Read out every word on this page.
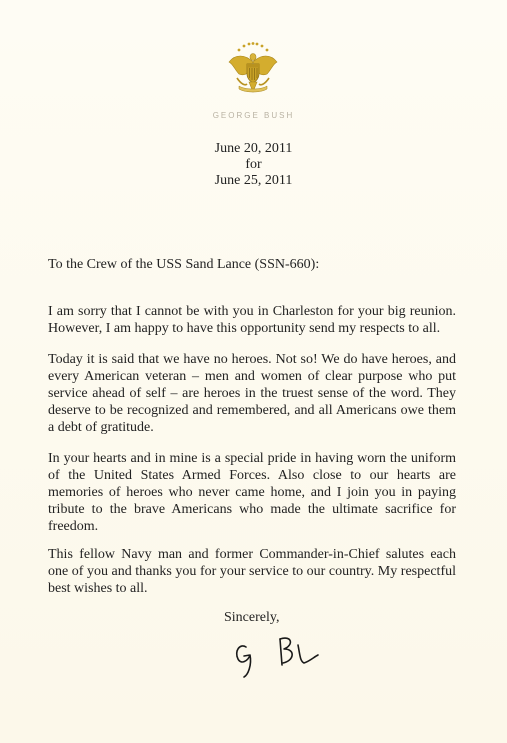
GEORGE BUSH
June 20, 2011
for
June 25, 2011
To the Crew of the USS Sand Lance (SSN-660):

I am sorry that I cannot be with you in Charleston for your big reunion. However, I am happy to have this opportunity send my respects to all.

Today it is said that we have no heroes. Not so! We do have heroes, and every American veteran – men and women of clear purpose who put service ahead of self – are heroes in the truest sense of the word. They deserve to be recognized and remembered, and all Americans owe them a debt of gratitude.

In your hearts and in mine is a special pride in having worn the uniform of the United States Armed Forces. Also close to our hearts are memories of heroes who never came home, and I join you in paying tribute to the brave Americans who made the ultimate sacrifice for freedom.

This fellow Navy man and former Commander-in-Chief salutes each one of you and thanks you for your service to our country. My respectful best wishes to all.

Sincerely,
